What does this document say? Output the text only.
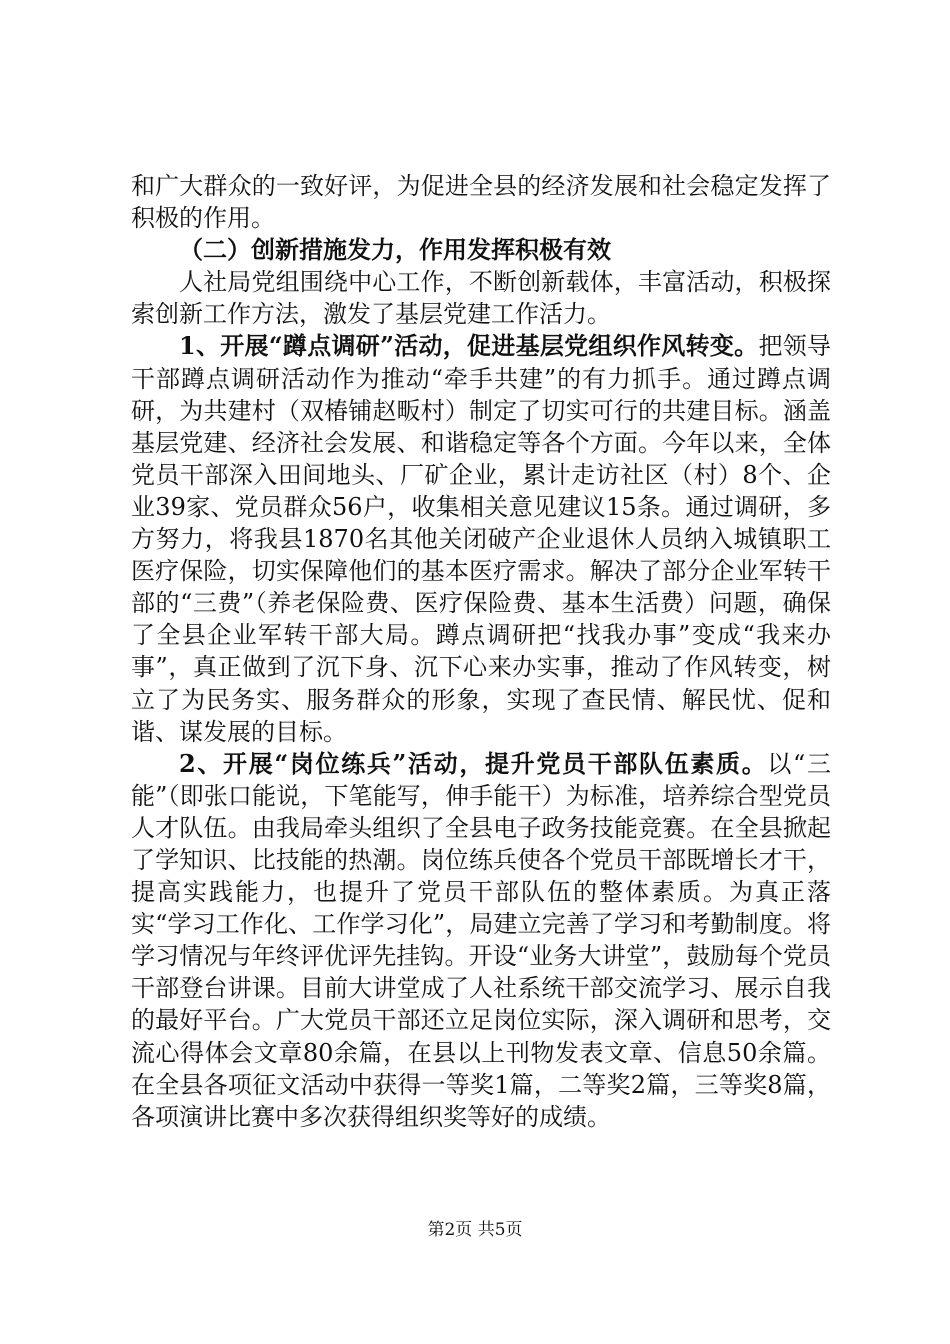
和广大群众的一致好评，为促进全县的经济发展和社会稳定发挥了积极的作用。

（二）创新措施发力，作用发挥积极有效

人社局党组围绕中心工作，不断创新载体，丰富活动，积极探索创新工作方法，激发了基层党建工作活力。

1、开展“蹲点调研”活动，促进基层党组织作风转变。把领导干部蹲点调研活动作为推动“牵手共建”的有力抓手。通过蹲点调研，为共建村（双椿铺赵畈村）制定了切实可行的共建目标。涵盖基层党建、经济社会发展、和谐稳定等各个方面。今年以来，全体党员干部深入田间地头、厂矿企业，累计走访社区（村）8个、企业39家、党员群众56户，收集相关意见建议15条。通过调研，多方努力，将我县1870名其他关闭破产企业退休人员纳入城镇职工医疗保险，切实保障他们的基本医疗需求。解决了部分企业军转干部的“三费”（养老保险费、医疗保险费、基本生活费）问题，确保了全县企业军转干部大局。蹲点调研把“找我办事”变成“我来办事”，真正做到了沉下身、沉下心来办实事，推动了作风转变，树立了为民务实、服务群众的形象，实现了查民情、解民忧、促和谐、谋发展的目标。

2、开展“岗位练兵”活动，提升党员干部队伍素质。以“三能”（即张口能说，下笔能写，伸手能干）为标准，培养综合型党员人才队伍。由我局牵头组织了全县电子政务技能竞赛。在全县掀起了学知识、比技能的热潮。岗位练兵使各个党员干部既增长才干，提高实践能力，也提升了党员干部队伍的整体素质。为真正落实“学习工作化、工作学习化”，局建立完善了学习和考勤制度。将学习情况与年终评优评先挂钩。开设“业务大讲堂”，鼓励每个党员干部登台讲课。目前大讲堂成了人社系统干部交流学习、展示自我的最好平台。广大党员干部还立足岗位实际，深入调研和思考，交流心得体会文章80余篇，在县以上刊物发表文章、信息50余篇。在全县各项征文活动中获得一等奖1篇，二等奖2篇，三等奖8篇，各项演讲比赛中多次获得组织奖等好的成绩。

第2页 共5页
